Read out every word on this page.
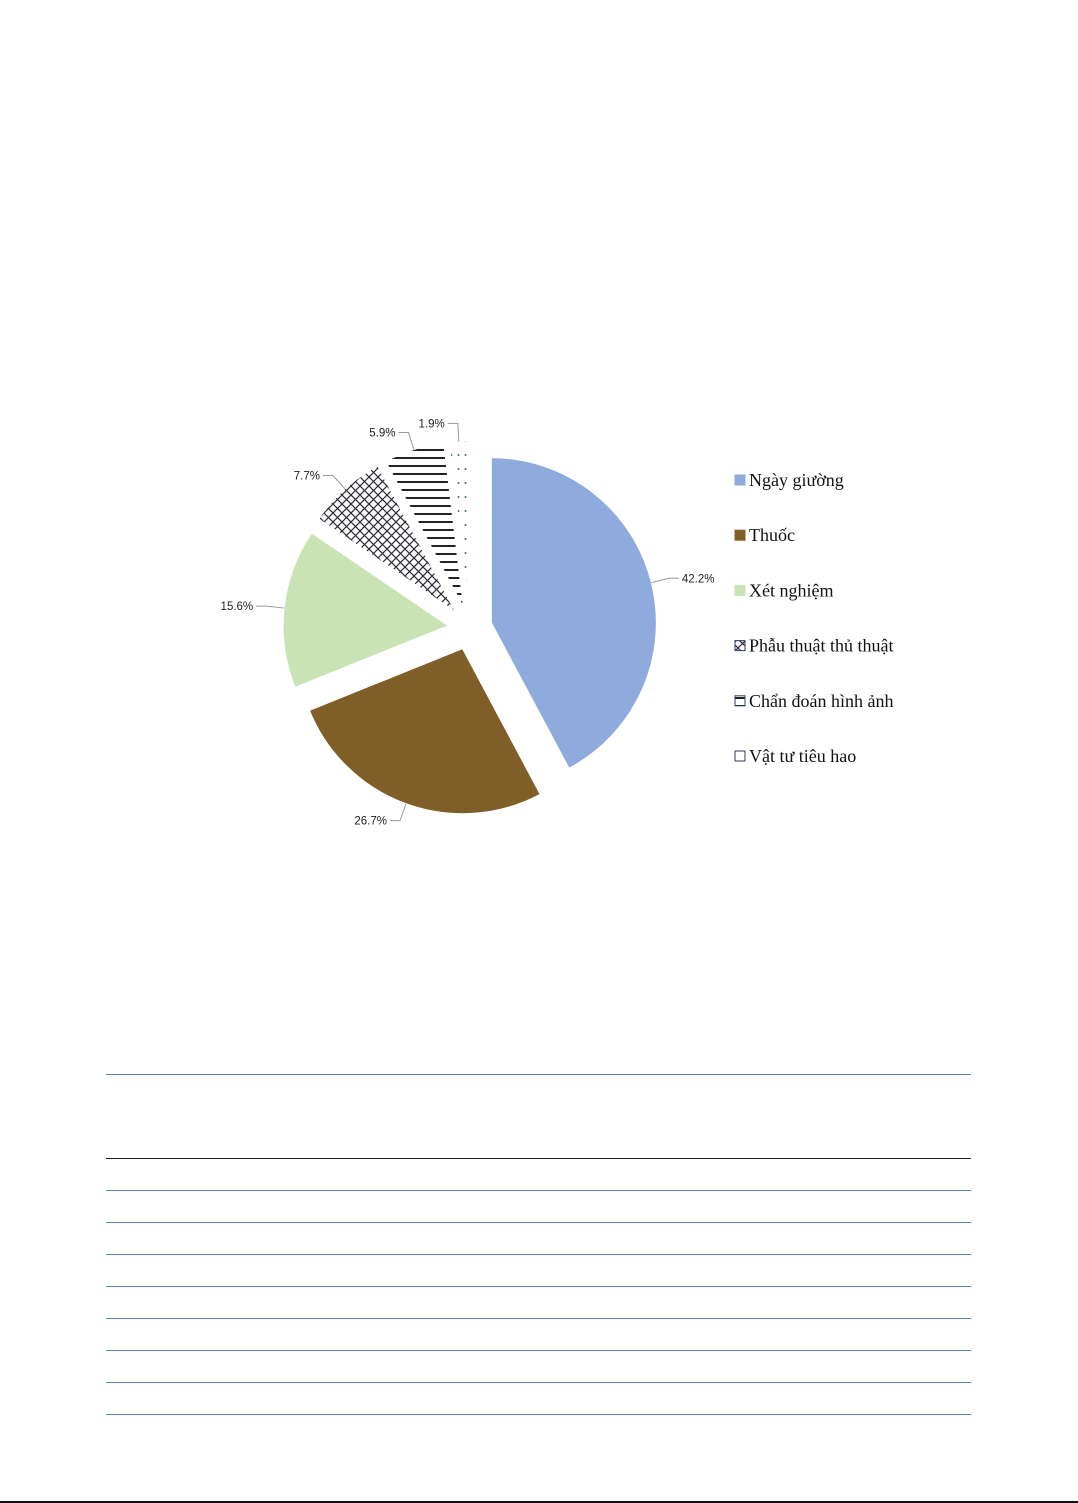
42.2%
26.7%
15.6%
7.7%
5.9%
1.9%
Ngày giường
Thuốc
Xét nghiệm
Phẫu thuật thủ thuật
Chẩn đoán hình ảnh
Vật tư tiêu hao
